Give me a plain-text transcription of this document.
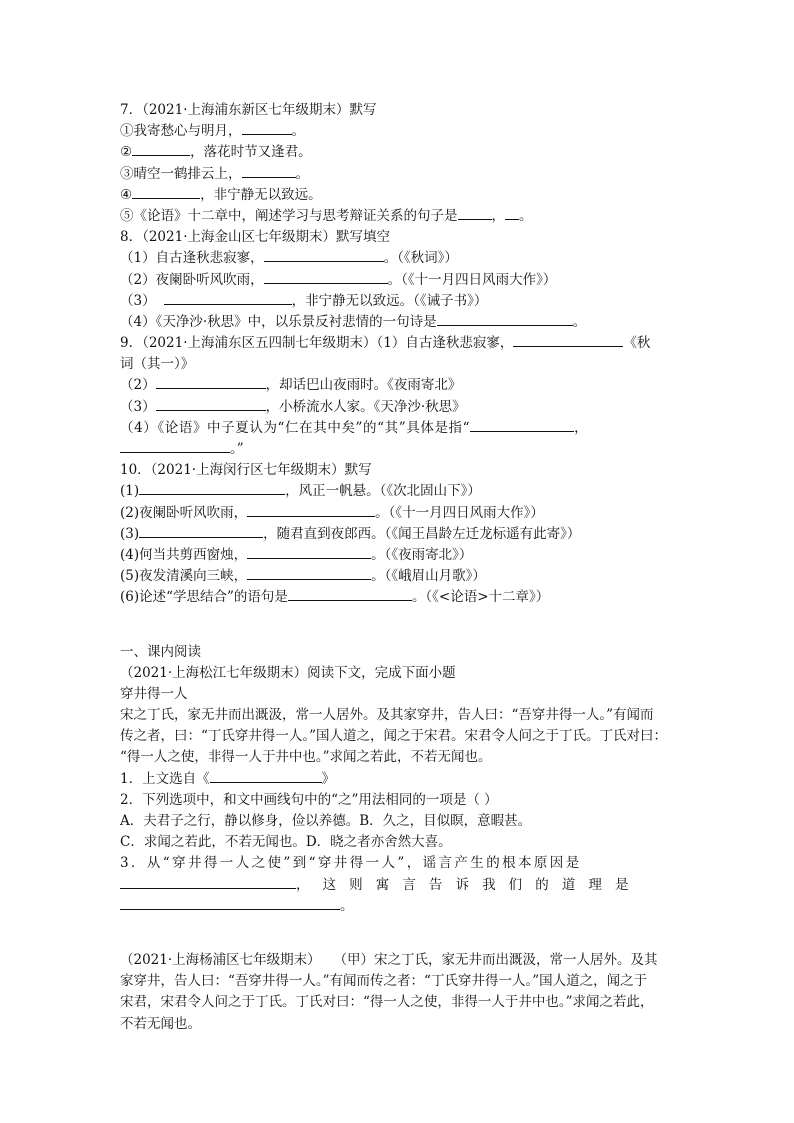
7．（2021·上海浦东新区七年级期末）默写
①我寄愁心与明月，	。
②	，落花时节又逢君。
③晴空一鹤排云上，	。
④	，非宁静无以致远。
⑤《论语》十二章中，阐述学习与思考辩证关系的句子是	， 。
8．（2021·上海金山区七年级期末）默写填空
（1）自古逢秋悲寂寥，	。（《秋词》）
（2）夜阑卧听风吹雨，	。（《十一月四日风雨大作》）
（3）	，非宁静无以致远。（《诫子书》）
（4）《天净沙·秋思》中，以乐景反衬悲情的一句诗是	。
9．（2021·上海浦东区五四制七年级期末）（1）自古逢秋悲寂寥，	《秋
词（其一）》
（2）	，却话巴山夜雨时。《夜雨寄北》
（3）	，小桥流水人家。《天净沙·秋思》
（4）《论语》中子夏认为“仁在其中矣”的“其”具体是指“	，
。”
10．（2021·上海闵行区七年级期末）默写
(1)	，风正一帆悬。（《次北固山下》）
(2)夜阑卧听风吹雨，	。（《十一月四日风雨大作》）
(3)	，随君直到夜郎西。（《闻王昌龄左迁龙标遥有此寄》）
(4)何当共剪西窗烛，	。（《夜雨寄北》）
(5)夜发清溪向三峡，	。（《峨眉山月歌》）
(6)论述“学思结合”的语句是	。（《<论语>十二章》）
一、课内阅读
（2021·上海松江七年级期末）阅读下文，完成下面小题
穿井得一人
宋之丁氏，家无井而出溉汲，常一人居外。及其家穿井，告人曰：“吾穿井得一人。”有闻而
传之者，曰：“丁氏穿井得一人。”国人道之，闻之于宋君。宋君令人问之于丁氏。丁氏对曰：
“得一人之使，非得一人于井中也。”求闻之若此，不若无闻也。
1．上文选自《	》
2．下列选项中，和文中画线句中的“之”用法相同的一项是（ ）
A．夫君子之行，静以修身，俭以养德。B．久之，目似瞑，意暇甚。
C．求闻之若此，不若无闻也。D．晓之者亦舍然大喜。
3．从“穿井得一人之使”到“穿井得一人”，谣言产生的根本原因是
，  这  则  寓  言  告  诉  我  们  的  道  理  是
。
（2021·上海杨浦区七年级期末）   （甲）宋之丁氏，家无井而出溉汲，常一人居外。及其
家穿井，告人曰：“吾穿井得一人。”有闻而传之者：“丁氏穿井得一人。”国人道之，闻之于
宋君，宋君令人问之于丁氏。丁氏对曰：“得一人之使，非得一人于井中也。”求闻之若此，
不若无闻也。
